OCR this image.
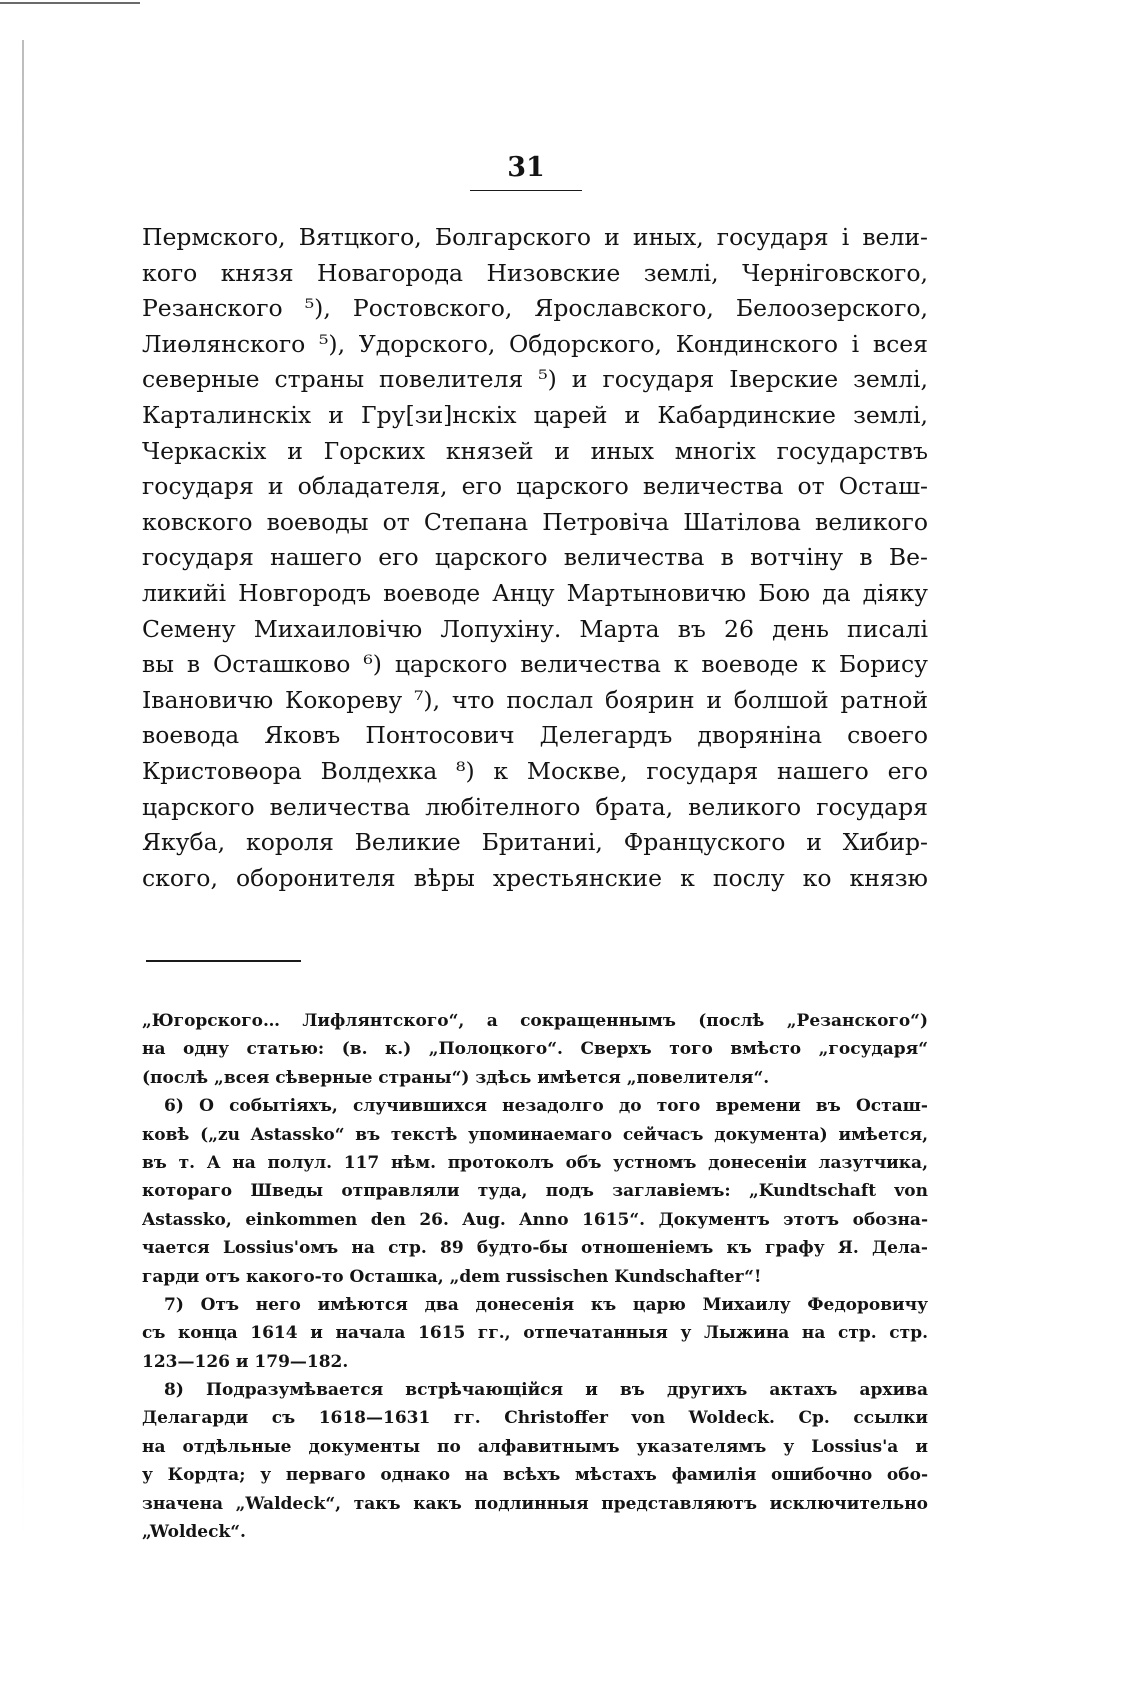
31
Пермского, Вятцкого, Болгарского и иных, государя і вели-
кого князя Новагорода Низовские землі, Черніговского,
Резанского ⁵), Ростовского, Ярославского, Белоозерского,
Лиөлянского ⁵), Удорского, Обдорского, Кондинского і всея
северные страны повелителя ⁵) и государя Іверские землі,
Карталинскіх и Гру[зи]нскіх царей и Кабардинские землі,
Черкаскіх и Горских князей и иных многіх государствъ
государя и обладателя, его царского величества от Осташ-
ковского воеводы от Степана Петровіча Шатілова великого
государя нашего его царского величества в вотчіну в Ве-
ликийі Новгородъ воеводе Анцу Мартыновичю Бою да діяку
Семену Михаиловічю Лопухіну. Марта въ 26 день писалі
вы в Осташково ⁶) царского величества к воеводе к Борису
Івановичю Кокореву ⁷), что послал боярин и болшой ратной
воевода Яковъ Понтосович Делегардъ дворяніна своего
Кристовөора Волдехка ⁸) к Москве, государя нашего его
царского величества любітелного брата, великого государя
Якуба, короля Великие Британиі, Француского и Хибир-
ского, оборонителя вѣры хрестьянские к послу ко князю
„Югорского… Лифлянтского“, а сокращеннымъ (послѣ „Резанского“)
на одну статью: (в. к.) „Полоцкого“. Сверхъ того вмѣсто „государя“
(послѣ „всея сѣверные страны“) здѣсь имѣется „повелителя“.
6) О событіяхъ, случившихся незадолго до того времени въ Осташ-
ковѣ („zu Astassko“ въ текстѣ упоминаемаго сейчасъ документа) имѣется,
въ т. А на полул. 117 нѣм. протоколъ объ устномъ донесеніи лазутчика,
котораго Шведы отправляли туда, подъ заглавіемъ: „Kundtschaft von
Astassko, einkommen den 26. Aug. Anno 1615“. Документъ этотъ обозна-
чается Lossius'омъ на стр. 89 будто-бы отношеніемъ къ графу Я. Дела-
гарди отъ какого-то Осташка, „dem russischen Kundschafter“!
7) Отъ него имѣются два донесенія къ царю Михаилу Федоровичу
съ конца 1614 и начала 1615 гг., отпечатанныя у Лыжина на стр. стр.
123—126 и 179—182.
8) Подразумѣвается встрѣчающійся и въ другихъ актахъ архива
Делагарди съ 1618—1631 гг. Christoffer von Woldeck. Ср. ссылки
на отдѣльные документы по алфавитнымъ указателямъ у Lossius'а и
у Кордта; у перваго однако на всѣхъ мѣстахъ фамилія ошибочно обо-
значена „Waldeck“, такъ какъ подлинныя представляютъ исключительно
„Woldeck“.
